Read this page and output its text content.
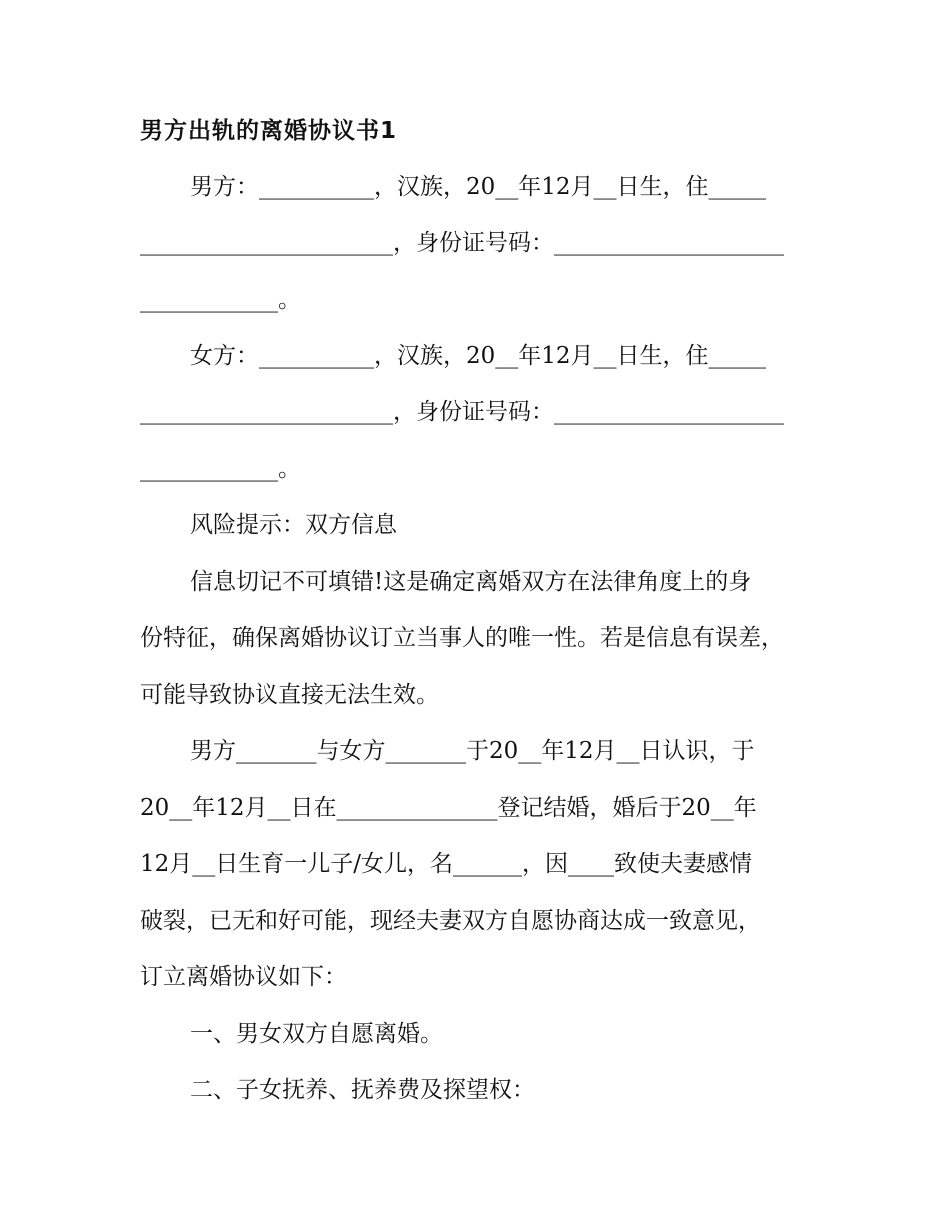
男方出轨的离婚协议书1

男方：__________，汉族，20__年12月__日生，住_____

______________________，身份证号码：____________________

____________。

女方：__________，汉族，20__年12月__日生，住_____

______________________，身份证号码：____________________

____________。

风险提示：双方信息

信息切记不可填错!这是确定离婚双方在法律角度上的身

份特征，确保离婚协议订立当事人的唯一性。若是信息有误差，

可能导致协议直接无法生效。

男方_______与女方_______于20__年12月__日认识，于

20__年12月__日在______________登记结婚，婚后于20__年

12月__日生育一儿子/女儿，名______，因____致使夫妻感情

破裂，已无和好可能，现经夫妻双方自愿协商达成一致意见，

订立离婚协议如下：

一、男女双方自愿离婚。

二、子女抚养、抚养费及探望权：
